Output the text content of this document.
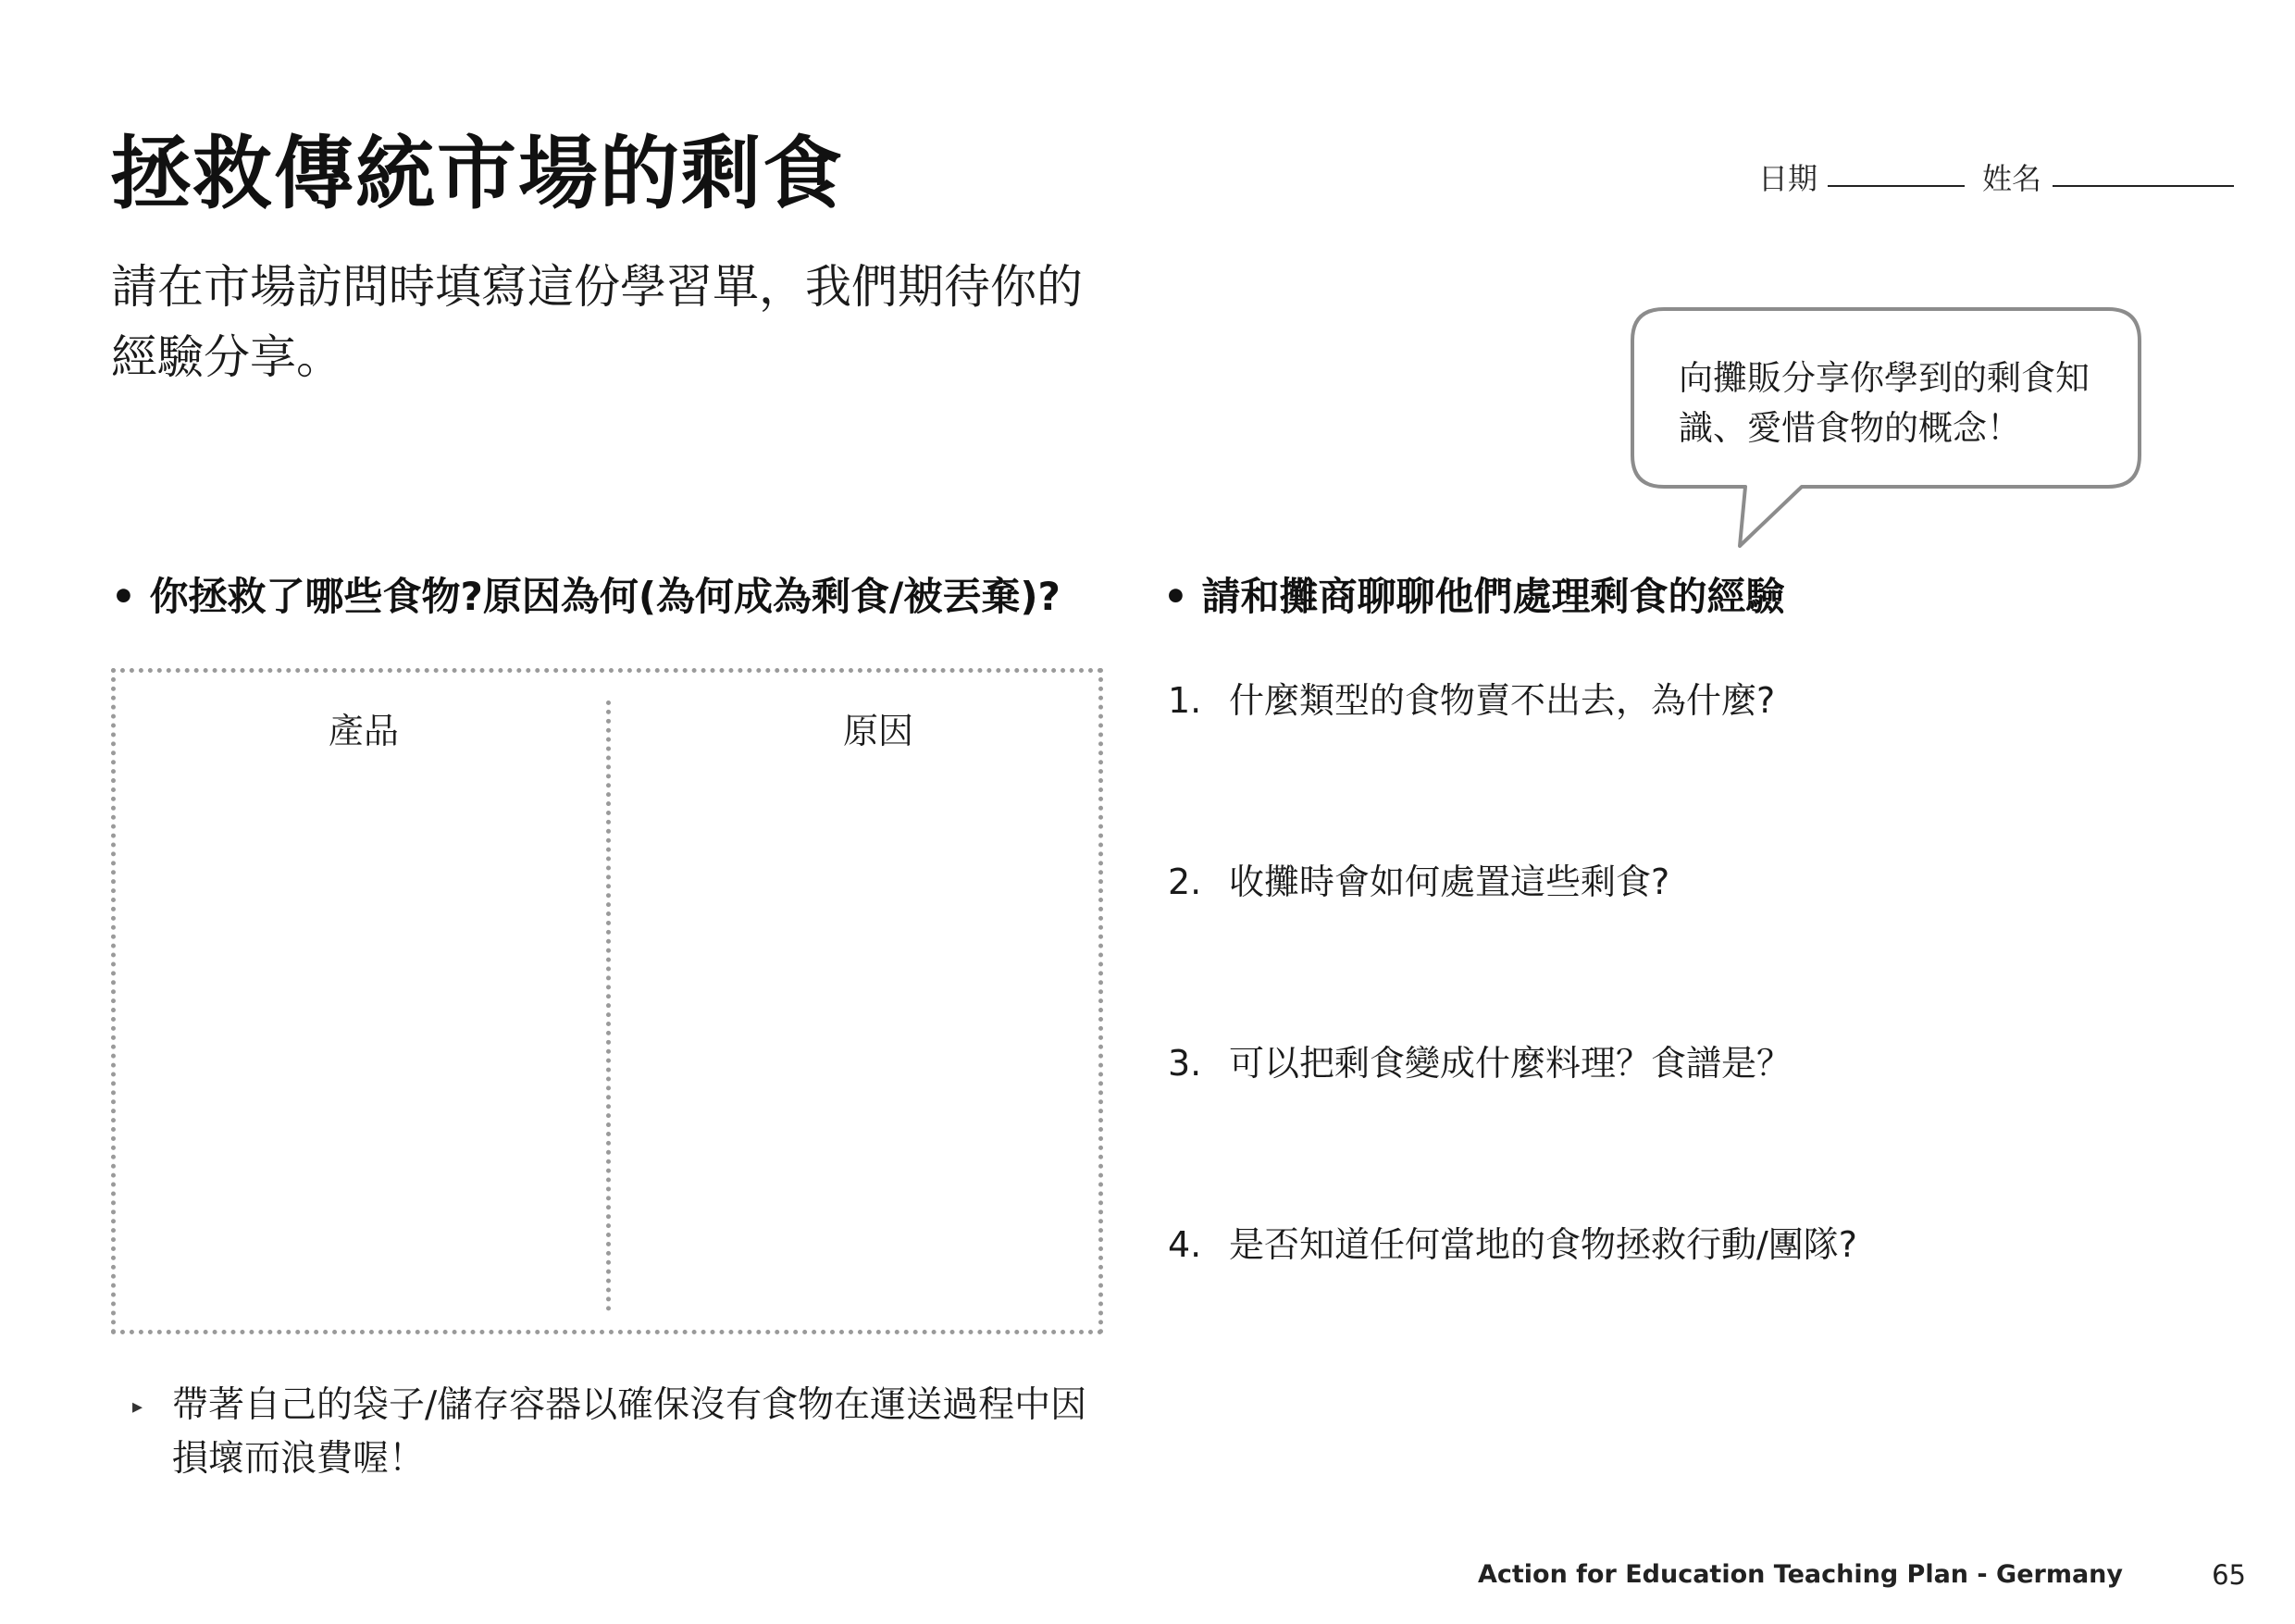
拯救傳統市場的剩食	日期	姓名
請在市場訪問時填寫這份學習單，我們期待你的經驗分享。	向攤販分享你學到的剩食知識、愛惜食物的概念！
• 你拯救了哪些食物?原因為何(為何成為剩食/被丟棄)?
產品	原因
▸ 帶著自己的袋子/儲存容器以確保沒有食物在運送過程中因損壞而浪費喔！
• 請和攤商聊聊他們處理剩食的經驗
1. 什麼類型的食物賣不出去，為什麼?
2. 收攤時會如何處置這些剩食?
3. 可以把剩食變成什麼料理？食譜是？
4. 是否知道任何當地的食物拯救行動/團隊?
Action for Education Teaching Plan - Germany	65
